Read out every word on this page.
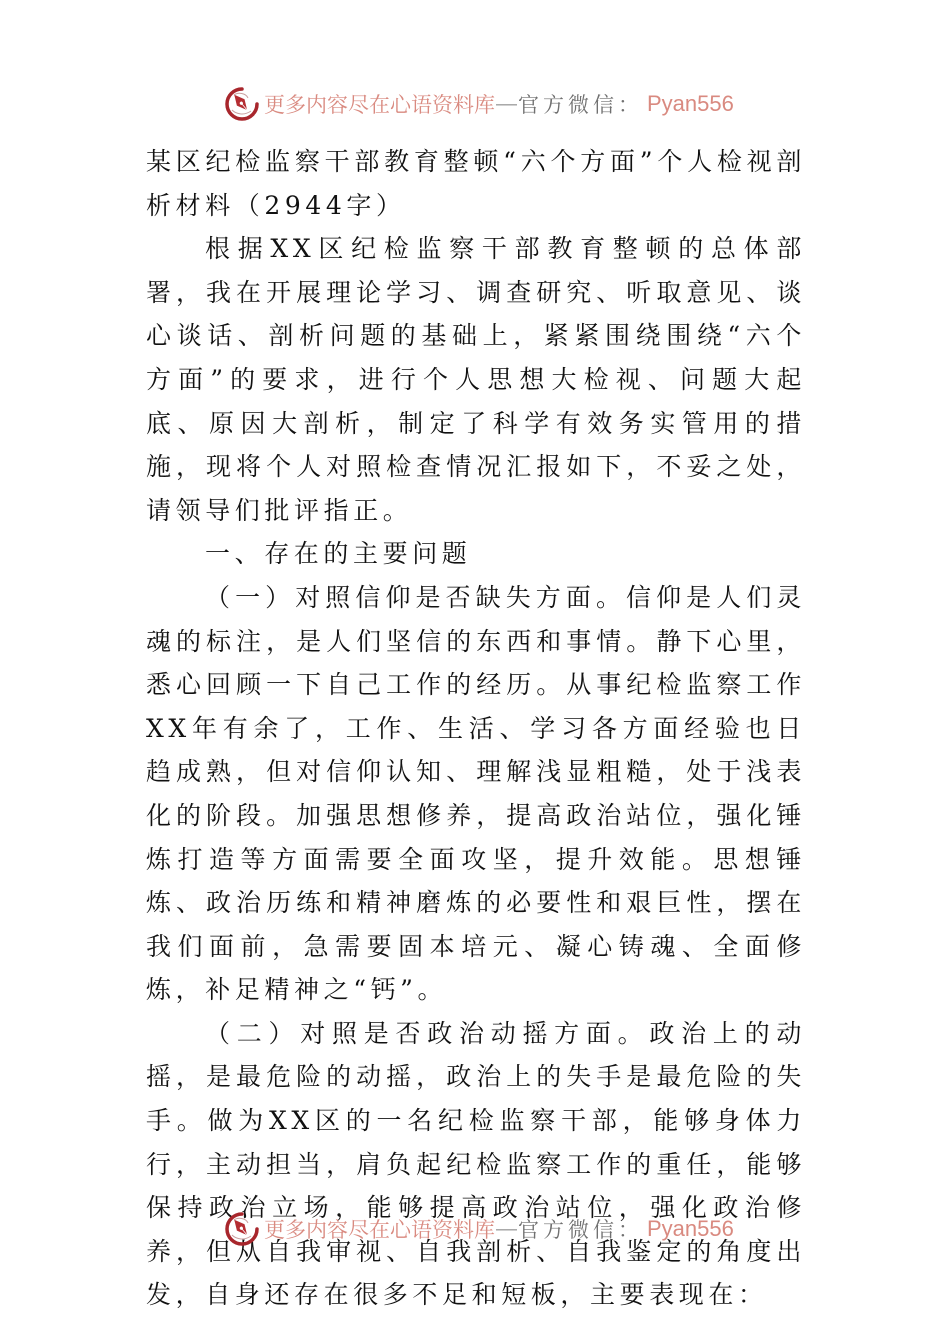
更多内容尽在心语资料库 — 官方微信： Pyan556

某区纪检监察干部教育整顿“六个方面”个人检视剖析材料（2944字）

根据XX区纪检监察干部教育整顿的总体部署，我在开展理论学习、调查研究、听取意见、谈心谈话、剖析问题的基础上，紧紧围绕围绕“六个方面”的要求，进行个人思想大检视、问题大起底、原因大剖析，制定了科学有效务实管用的措施，现将个人对照检查情况汇报如下，不妥之处，请领导们批评指正。

一、存在的主要问题

（一）对照信仰是否缺失方面。信仰是人们灵魂的标注，是人们坚信的东西和事情。静下心里，悉心回顾一下自己工作的经历。从事纪检监察工作XX年有余了，工作、生活、学习各方面经验也日趋成熟，但对信仰认知、理解浅显粗糙，处于浅表化的阶段。加强思想修养，提高政治站位，强化锤炼打造等方面需要全面攻坚，提升效能。思想锤炼、政治历练和精神磨炼的必要性和艰巨性，摆在我们面前，急需要固本培元、凝心铸魂、全面修炼，补足精神之“钙”。

（二）对照是否政治动摇方面。政治上的动摇，是最危险的动摇，政治上的失手是最危险的失手。做为XX区的一名纪检监察干部，能够身体力行，主动担当，肩负起纪检监察工作的重任，能够保持政治立场，能够提高政治站位，强化政治修养，但从自我审视、自我剖析、自我鉴定的角度出发，自身还存在很多不足和短板，主要表现在：

更多内容尽在心语资料库 — 官方微信： Pyan556
